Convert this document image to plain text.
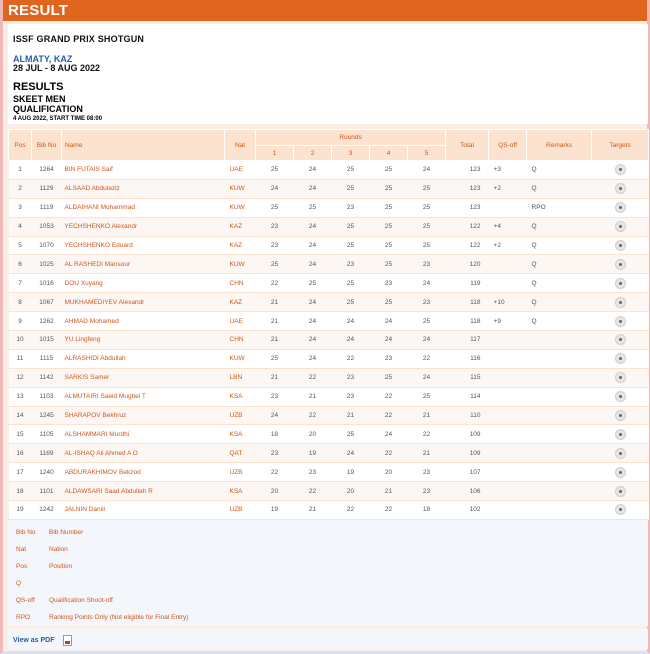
RESULT
ISSF GRAND PRIX SHOTGUN
ALMATY, KAZ
28 JUL - 8 AUG 2022
RESULTS
SKEET MEN
QUALIFICATION
4 AUG 2022, START TIME 08:00
Pos	Bib No	Name	Nat	Rounds					Total	QS-off	Remarks	Targets
				1	2	3	4	5				
1	1264	BIN FUTAIS Saif	UAE	25	24	25	25	24	123	+3	Q	
2	1129	ALSAAD Abdulaziz	KUW	24	24	25	25	25	123	+2	Q	
3	1119	ALDAIHANI Mohammad	KUW	25	25	23	25	25	123		RPO	
4	1053	YECHSHENKO Alexandr	KAZ	23	24	25	25	25	122	+4	Q	
5	1070	YECHSHENKO Eduard	KAZ	23	24	25	25	25	122	+2	Q	
6	1025	AL RASHEDI Mansour	KUW	25	24	23	25	23	120		Q	
7	1016	DOU Xuyang	CHN	22	25	25	23	24	119		Q	
8	1067	MUKHAMEDIYEV Alexandr	KAZ	21	24	25	25	23	118	+10	Q	
9	1262	AHMAD Mohamed	UAE	21	24	24	24	25	118	+9	Q	
10	1015	YU Lingfeng	CHN	21	24	24	24	24	117			
11	1115	ALRASHIDI Abdullah	KUW	25	24	22	23	22	116			
12	1142	SARKIS Samer	LBN	21	22	23	25	24	115			
13	1103	ALMUTAIRI Saeid Mugbel T	KSA	23	21	23	22	25	114			
14	1245	SHARAPOV Bekhruz	UZB	24	22	21	22	21	110			
15	1105	ALSHAMMARI Murdhi	KSA	18	20	25	24	22	109			
16	1169	AL-ISHAQ Ali Ahmed A O	QAT	23	19	24	22	21	109			
17	1240	ABDURAKHIMOV Bekzod	UZB	22	23	19	20	23	107			
18	1101	ALDAWSARI Saad Abdullah R	KSA	20	22	20	21	23	106			
19	1242	JALNIN Daniil	UZB	19	21	22	22	18	102			
Bib No Bib Number
Nat	Nation
Pos	Position
Q
QS-off Qualification Shoot-off
RPO	Ranking Points Only (Not eligible for Final Entry)
View as PDF
